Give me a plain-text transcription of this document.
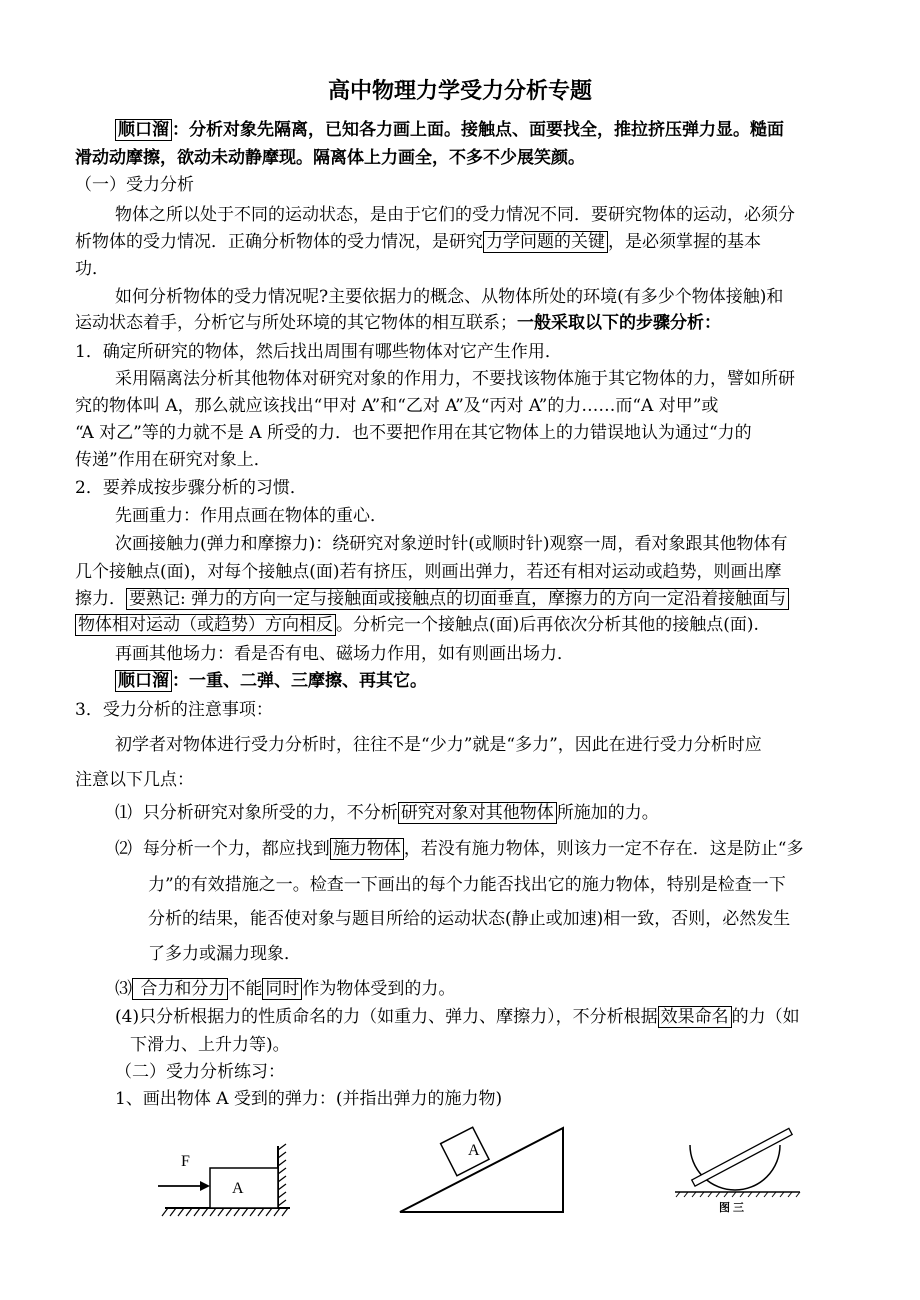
高中物理力学受力分析专题
顺口溜 ：分析对象先隔离，已知各力画上面。接触点、面要找全，推拉挤压弹力显。糙面
滑动动摩擦，欲动未动静摩现。隔离体上力画全，不多不少展笑颜。
（一）受力分析
物体之所以处于不同的运动状态，是由于它们的受力情况不同．要研究物体的运动，必须分
析物体的受力情况．正确分析物体的受力情况，是研究 力学问题的关键 ，是必须掌握的基本
功．
如何分析物体的受力情况呢?主要依据力的概念、从物体所处的环境(有多少个物体接触)和
运动状态着手，分析它与所处环境的其它物体的相互联系；一般采取以下的步骤分析：
1．确定所研究的物体，然后找出周围有哪些物体对它产生作用．
采用隔离法分析其他物体对研究对象的作用力，不要找该物体施于其它物体的力，譬如所研
究的物体叫 A，那么就应该找出“甲对 A”和“乙对 A”及“丙对 A”的力……而“A 对甲”或
“A 对乙”等的力就不是 A 所受的力．也不要把作用在其它物体上的力错误地认为通过“力的
传递”作用在研究对象上．
2．要养成按步骤分析的习惯．
先画重力：作用点画在物体的重心．
次画接触力(弹力和摩擦力)：绕研究对象逆时针(或顺时针)观察一周，看对象跟其他物体有
几个接触点(面)，对每个接触点(面)若有挤压，则画出弹力，若还有相对运动或趋势，则画出摩
擦力． 要熟记: 弹力的方向一定与接触面或接触点的切面垂直，摩擦力的方向一定沿着接触面与
物体相对运动（或趋势）方向相反 。分析完一个接触点(面)后再依次分析其他的接触点(面).
再画其他场力：看是否有电、磁场力作用，如有则画出场力．
顺口溜 ：一重、二弹、三摩擦、再其它。
3．受力分析的注意事项：
初学者对物体进行受力分析时，往往不是“少力”就是“多力”，因此在进行受力分析时应
注意以下几点：
⑴ 只分析研究对象所受的力，不分析 研究对象对其他物体 所施加的力。
⑵ 每分析一个力，都应找到 施力物体 ，若没有施力物体，则该力一定不存在．这是防止“多
力”的有效措施之一。检查一下画出的每个力能否找出它的施力物体，特别是检查一下
分析的结果，能否使对象与题目所给的运动状态(静止或加速)相一致，否则，必然发生
了多力或漏力现象．
⑶ 合力和分力 不能 同时 作为物体受到的力。
(4)只分析根据力的性质命名的力（如重力、弹力、摩擦力），不分析根据 效果命名 的力（如
下滑力、上升力等)。
（二）受力分析练习：
1、画出物体 A 受到的弹力：(并指出弹力的施力物)
F
A
A
图 三
